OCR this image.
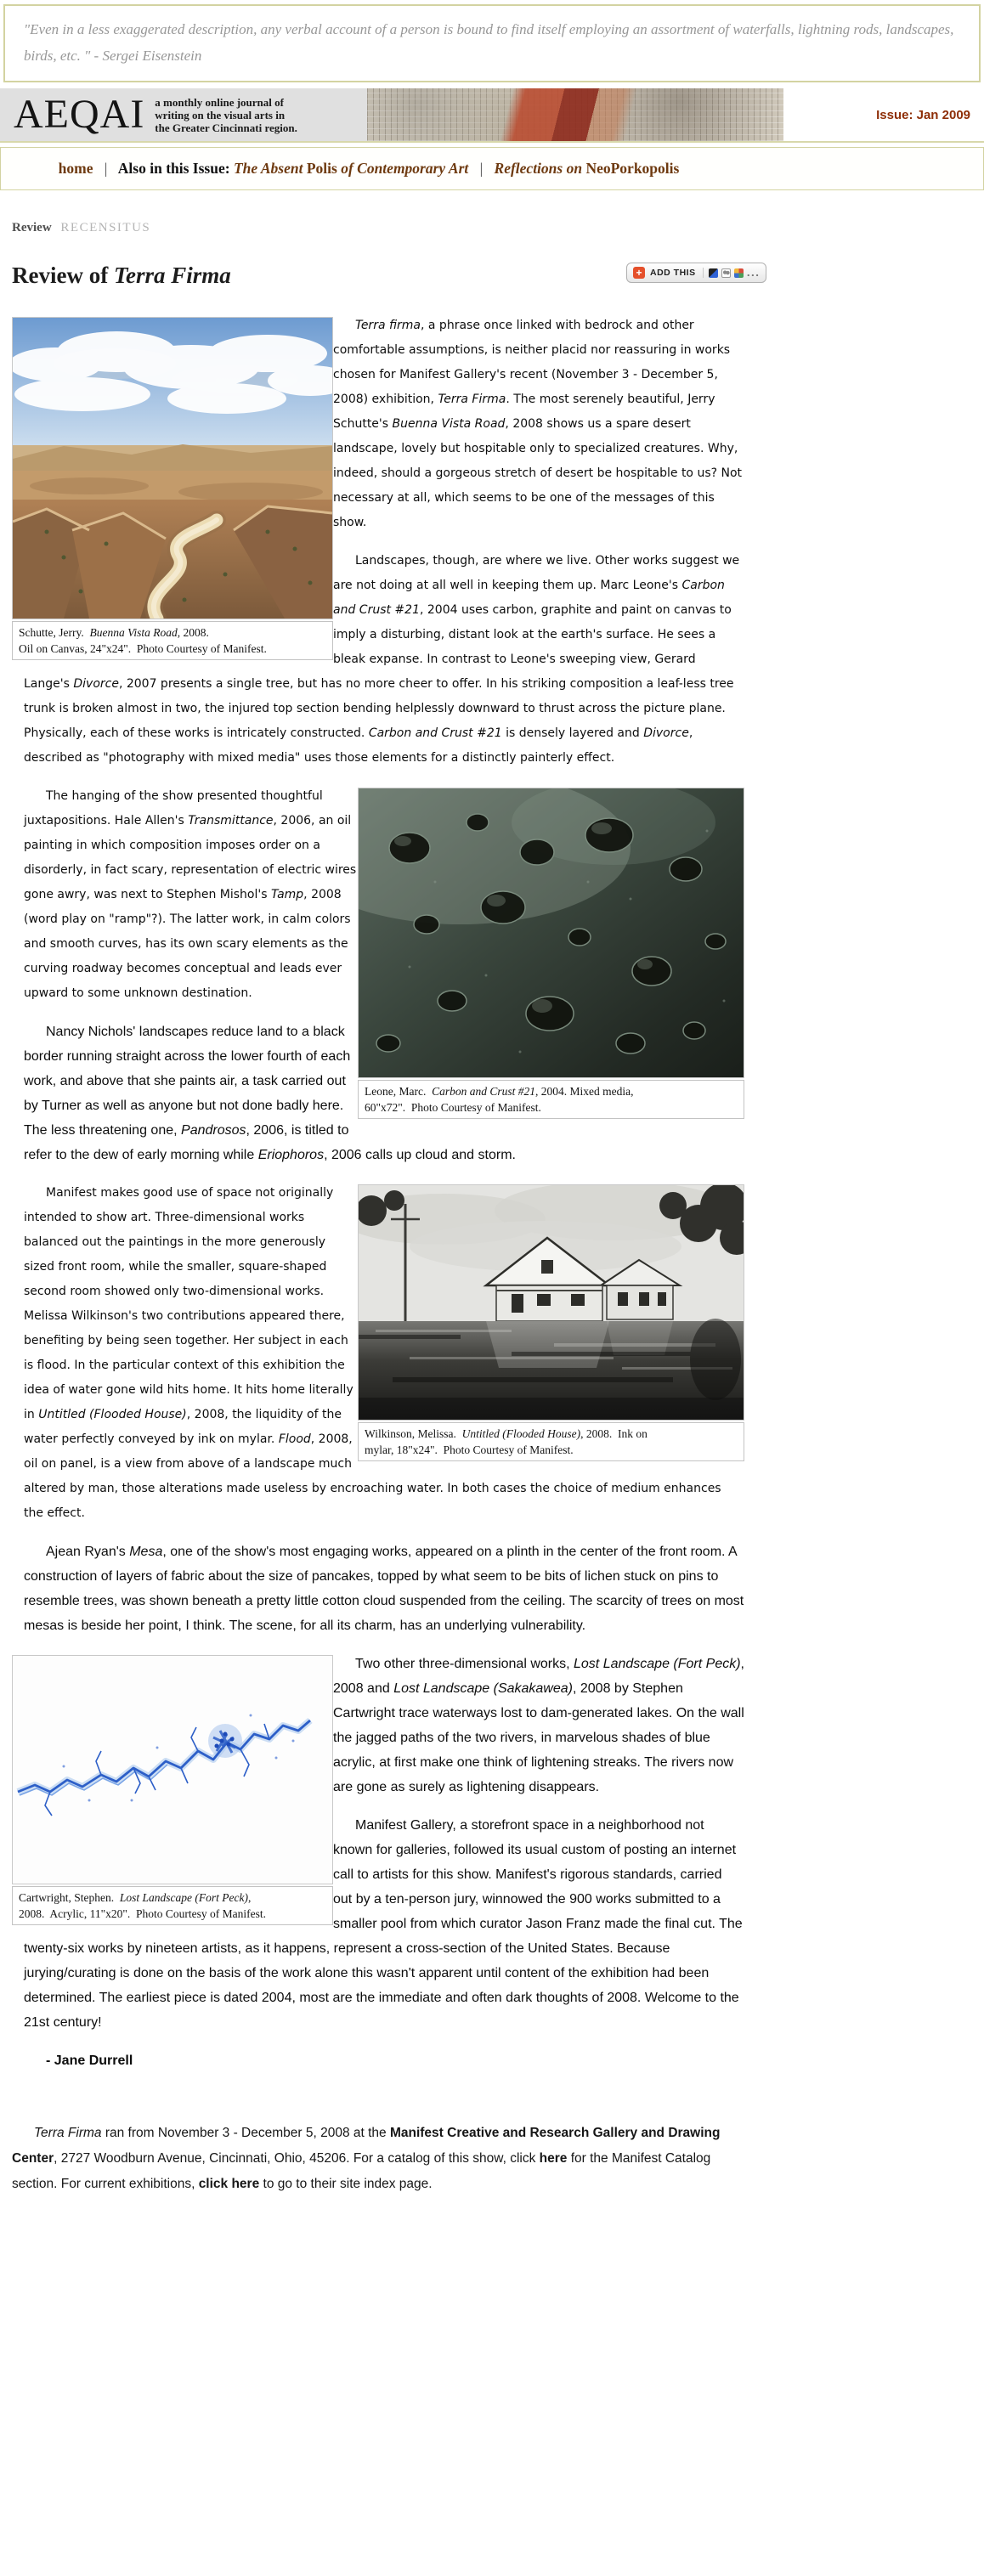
"Even in a less exaggerated description, any verbal account of a person is bound to find itself employing an assortment of waterfalls, lightning rods, landscapes, birds, etc. " - Sergei Eisenstein
AEQAI a monthly online journal of
writing on the visual arts in
the Greater Cincinnati region.
Issue: Jan 2009
home | Also in this Issue: The Absent Polis of Contemporary Art | Reflections on NeoPorkopolis
Review RECENSITUS
Review of Terra Firma	+ ADD THIS	...
Schutte, Jerry.  Buenna Vista Road, 2008.
Oil on Canvas, 24"x24".  Photo Courtesy of Manifest.

Terra firma, a phrase once linked with bedrock and other comfortable assumptions, is neither placid nor reassuring in works chosen for Manifest Gallery's recent (November 3 - December 5, 2008) exhibition, Terra Firma. The most serenely beautiful, Jerry Schutte's Buenna Vista Road, 2008 shows us a spare desert landscape, lovely but hospitable only to specialized creatures. Why, indeed, should a gorgeous stretch of desert be hospitable to us? Not necessary at all, which seems to be one of the messages of this show.

Landscapes, though, are where we live. Other works suggest we are not doing at all well in keeping them up. Marc Leone's Carbon and Crust #21, 2004 uses carbon, graphite and paint on canvas to imply a disturbing, distant look at the earth's surface. He sees a bleak expanse. In contrast to Leone's sweeping view, Gerard Lange's Divorce, 2007 presents a single tree, but has no more cheer to offer. In his striking composition a leaf-less tree trunk is broken almost in two, the injured top section bending helplessly downward to thrust across the picture plane. Physically, each of these works is intricately constructed. Carbon and Crust #21 is densely layered and Divorce, described as "photography with mixed media" uses those elements for a distinctly painterly effect.

Leone, Marc.  Carbon and Crust #21, 2004. Mixed media,
60"x72".  Photo Courtesy of Manifest.

The hanging of the show presented thoughtful juxtapositions. Hale Allen's Transmittance, 2006, an oil painting in which composition imposes order on a disorderly, in fact scary, representation of electric wires gone awry, was next to Stephen Mishol's Tamp, 2008 (word play on "ramp"?). The latter work, in calm colors and smooth curves, has its own scary elements as the curving roadway becomes conceptual and leads ever upward to some unknown destination.

Nancy Nichols' landscapes reduce land to a black border running straight across the lower fourth of each work, and above that she paints air, a task carried out by Turner as well as anyone but not done badly here. The less threatening one, Pandrosos, 2006, is titled to refer to the dew of early morning while Eriophoros, 2006 calls up cloud and storm.

Wilkinson, Melissa.  Untitled (Flooded House), 2008.  Ink on
mylar, 18"x24".  Photo Courtesy of Manifest.

Manifest makes good use of space not originally intended to show art. Three-dimensional works balanced out the paintings in the more generously sized front room, while the smaller, square-shaped second room showed only two-dimensional works. Melissa Wilkinson's two contributions appeared there, benefiting by being seen together. Her subject in each is flood. In the particular context of this exhibition the idea of water gone wild hits home. It hits home literally in Untitled (Flooded House), 2008, the liquidity of the water perfectly conveyed by ink on mylar. Flood, 2008, oil on panel, is a view from above of a landscape much altered by man, those alterations made useless by encroaching water. In both cases the choice of medium enhances the effect.

Ajean Ryan's Mesa, one of the show's most engaging works, appeared on a plinth in the center of the front room. A construction of layers of fabric about the size of pancakes, topped by what seem to be bits of lichen stuck on pins to resemble trees, was shown beneath a pretty little cotton cloud suspended from the ceiling. The scarcity of trees on most mesas is beside her point, I think. The scene, for all its charm, has an underlying vulnerability.

Cartwright, Stephen.  Lost Landscape (Fort Peck),
2008.  Acrylic, 11"x20".  Photo Courtesy of Manifest.

Two other three-dimensional works, Lost Landscape (Fort Peck), 2008 and Lost Landscape (Sakakawea), 2008 by Stephen Cartwright trace waterways lost to dam-generated lakes. On the wall the jagged paths of the two rivers, in marvelous shades of blue acrylic, at first make one think of lightening streaks. The rivers now are gone as surely as lightening disappears.

Manifest Gallery, a storefront space in a neighborhood not known for galleries, followed its usual custom of posting an internet call to artists for this show. Manifest's rigorous standards, carried out by a ten-person jury, winnowed the 900 works submitted to a smaller pool from which curator Jason Franz made the final cut. The twenty-six works by nineteen artists, as it happens, represent a cross-section of the United States. Because jurying/curating is done on the basis of the work alone this wasn't apparent until content of the exhibition had been determined. The earliest piece is dated 2004, most are the immediate and often dark thoughts of 2008. Welcome to the 21st century!

- Jane Durrell

Terra Firma ran from November 3 - December 5, 2008 at the Manifest Creative and Research Gallery and Drawing Center, 2727 Woodburn Avenue, Cincinnati, Ohio, 45206. For a catalog of this show, click here for the Manifest Catalog section. For current exhibitions, click here to go to their site index page.
